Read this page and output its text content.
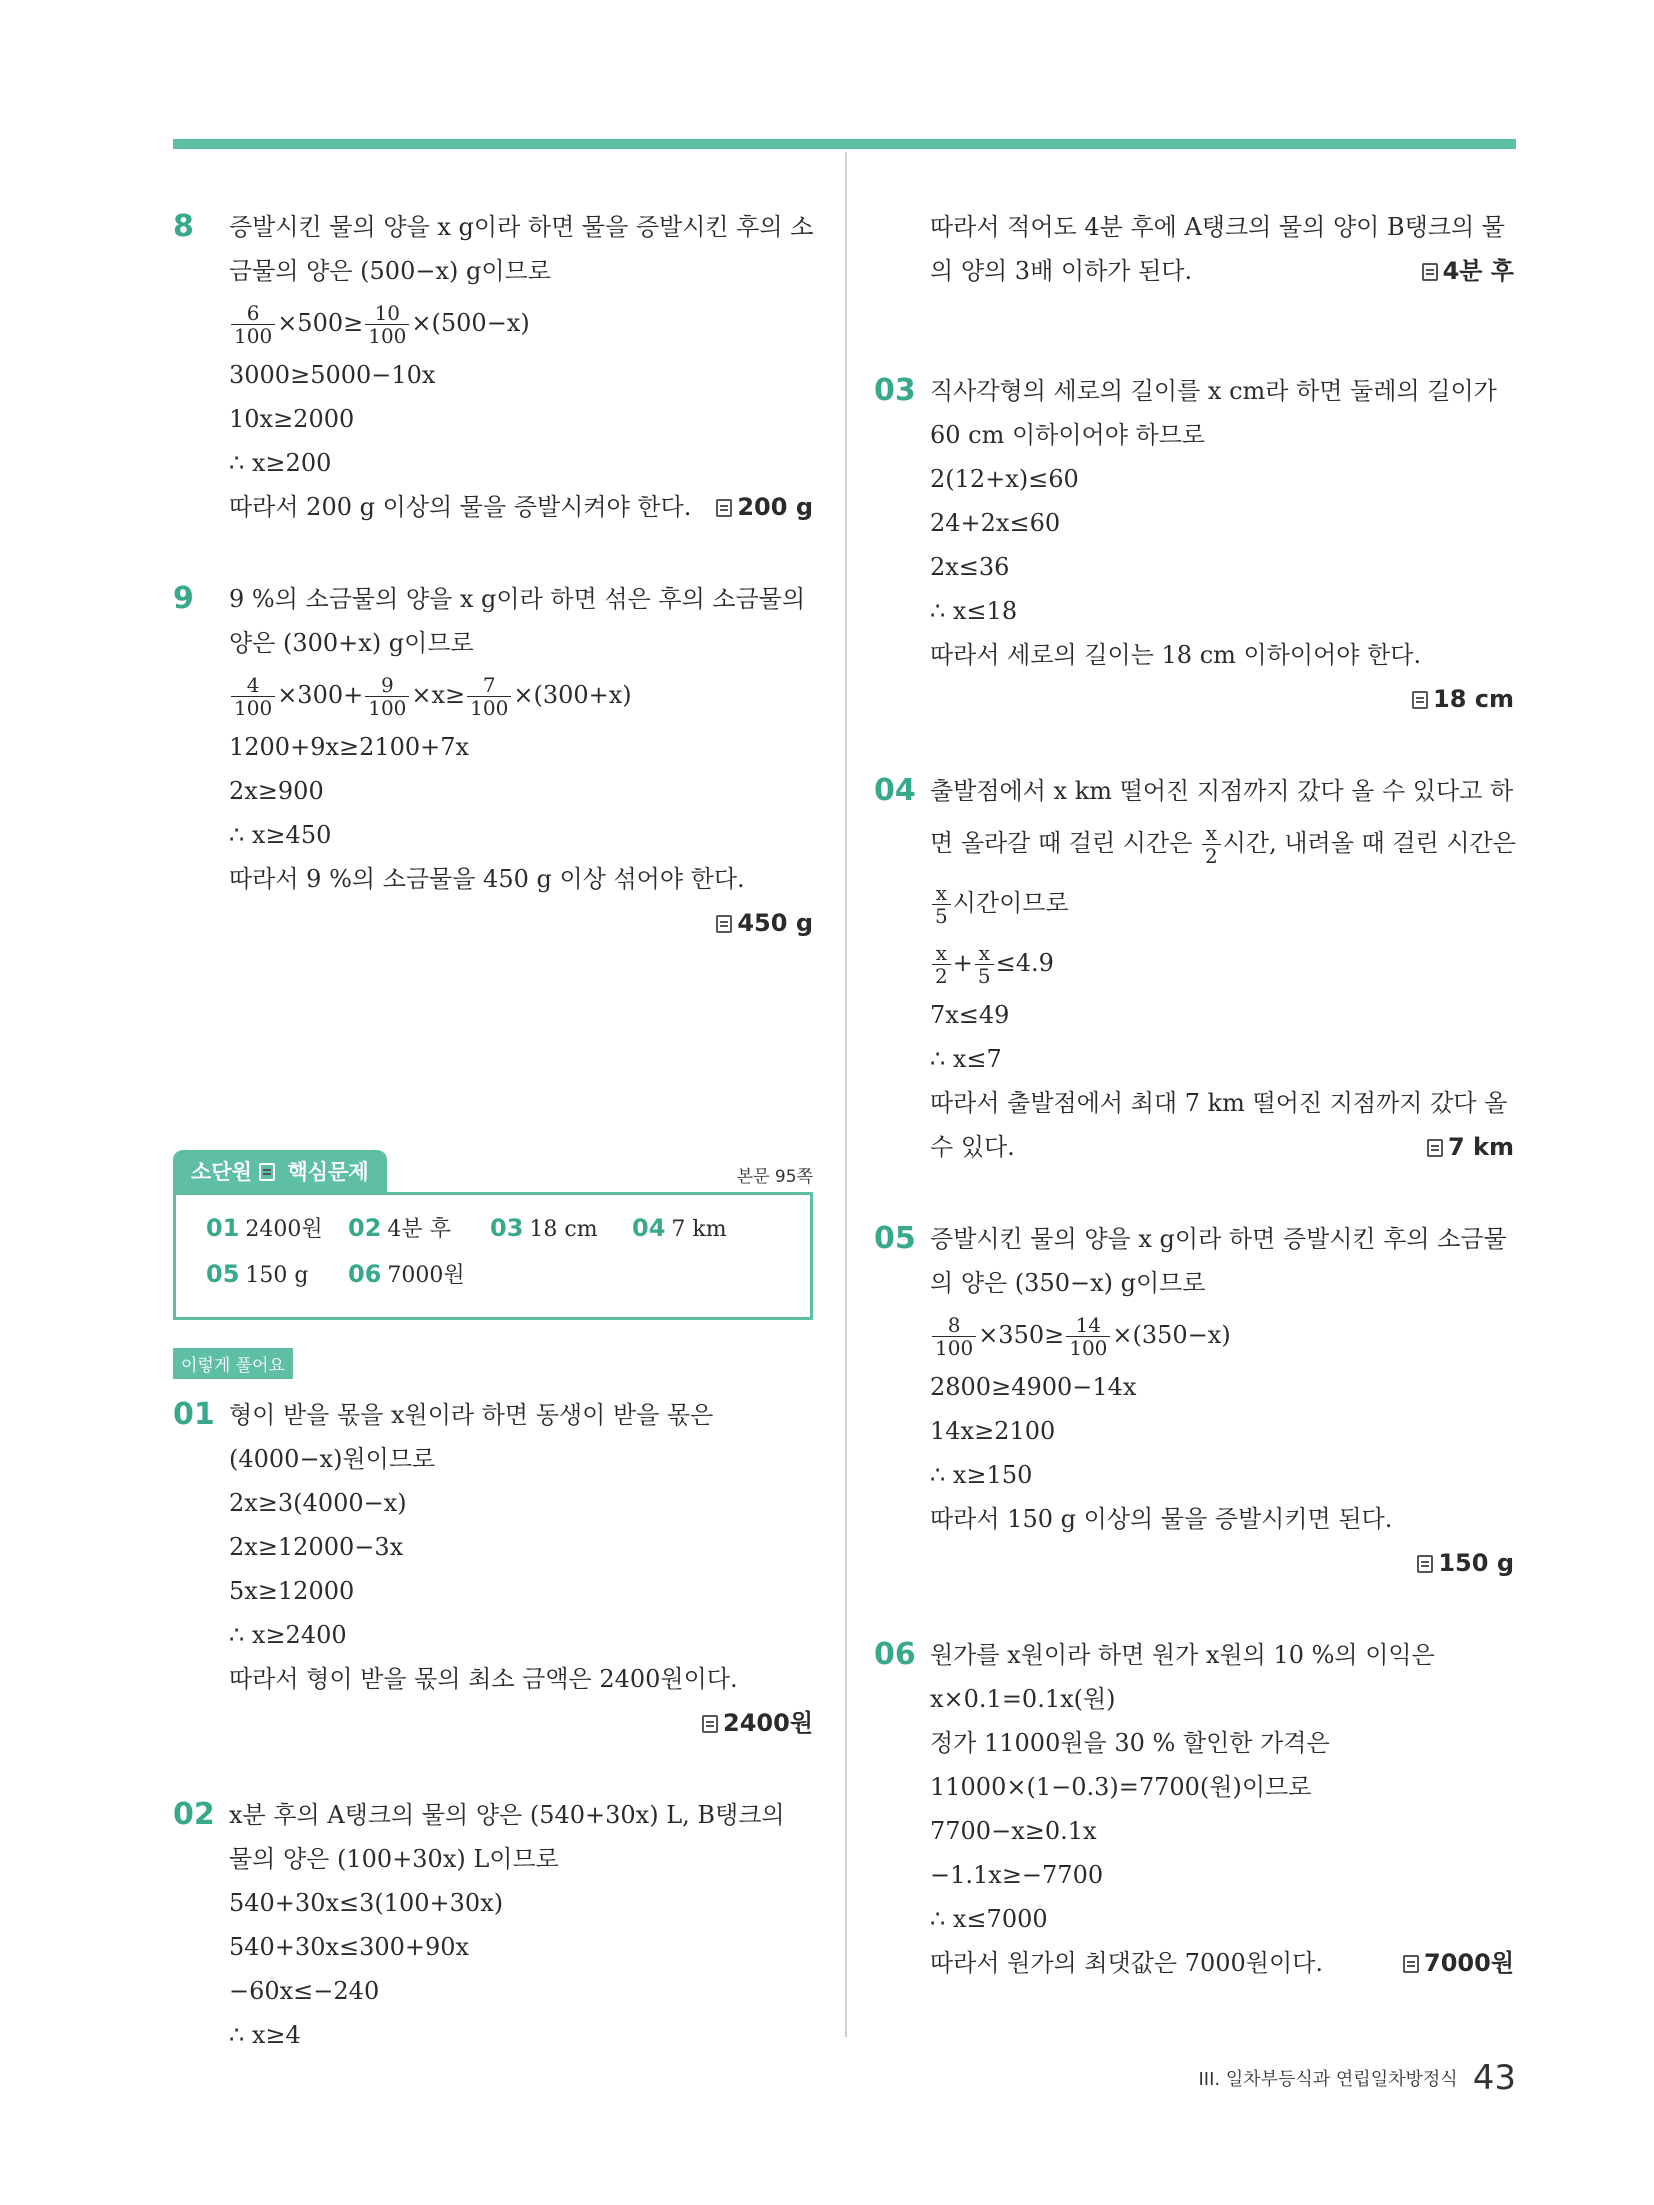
8 증발시킨 물의 양을 x g이라 하면 물을 증발시킨 후의 소
금물의 양은 (500−x) g이므로
$\frac{6}{100} \times 500\ge \frac{10}{100} \times(500-x)$
3000≥5000−10x
10x≥2000
∴ x≥200
따라서 200 g 이상의 물을 증발시켜야 한다.	200 g
9 9 %의 소금물의 양을 x g이라 하면 섞은 후의 소금물의
양은 (300+x) g이므로
$\frac{4}{100} \times 300+ \frac{9}{100} \times x\ge \frac{7}{100} \times(300+x)$
1200+9x≥2100+7x
2x≥900
∴ x≥450
따라서 9 %의 소금물을 450 g 이상 섞어야 한다.
450 g
소단원 핵심문제	본문 95쪽
01 2400원 02 4분 후 03 18 cm 04 7 km
05 150 g 06 7000원
이렇게 풀어요
01 형이 받을 몫을 x원이라 하면 동생이 받을 몫은
(4000−x)원이므로
2x≥3(4000−x)
2x≥12000−3x
5x≥12000
∴ x≥2400
따라서 형이 받을 몫의 최소 금액은 2400원이다.
2400원
02 x분 후의 A탱크의 물의 양은 (540+30x) L, B탱크의
물의 양은 (100+30x) L이므로
540+30x≤3(100+30x)
540+30x≤300+90x
−60x≤−240
∴ x≥4
따라서 적어도 4분 후에 A탱크의 물의 양이 B탱크의 물
의 양의 3배 이하가 된다.	4분 후
03 직사각형의 세로의 길이를 x cm라 하면 둘레의 길이가
60 cm 이하이어야 하므로
2(12+x)≤60
24+2x≤60
2x≤36
∴ x≤18
따라서 세로의 길이는 18 cm 이하이어야 한다.
18 cm
04 출발점에서 x km 떨어진 지점까지 갔다 올 수 있다고 하
면 올라갈 때 걸린 시간은 $\frac{x}{2}$ 시간, 내려올 때 걸린 시간은
$\frac{x}{5}$ 시간이므로
$\frac{x}{2} + \frac{x}{5} \le 4.9$
7x≤49
∴ x≤7
따라서 출발점에서 최대 7 km 떨어진 지점까지 갔다 올
수 있다.	7 km
05 증발시킨 물의 양을 x g이라 하면 증발시킨 후의 소금물
의 양은 (350−x) g이므로
$\frac{8}{100} \times 350\ge \frac{14}{100} \times(350-x)$
2800≥4900−14x
14x≥2100
∴ x≥150
따라서 150 g 이상의 물을 증발시키면 된다.
150 g
06 원가를 x원이라 하면 원가 x원의 10 %의 이익은
x×0.1=0.1x(원)
정가 11000원을 30 % 할인한 가격은
11000×(1−0.3)=7700(원)이므로
7700−x≥0.1x
−1.1x≥−7700
∴ x≤7000
따라서 원가의 최댓값은 7000원이다.	7000원
III. 일차부등식과 연립일차방정식 43
